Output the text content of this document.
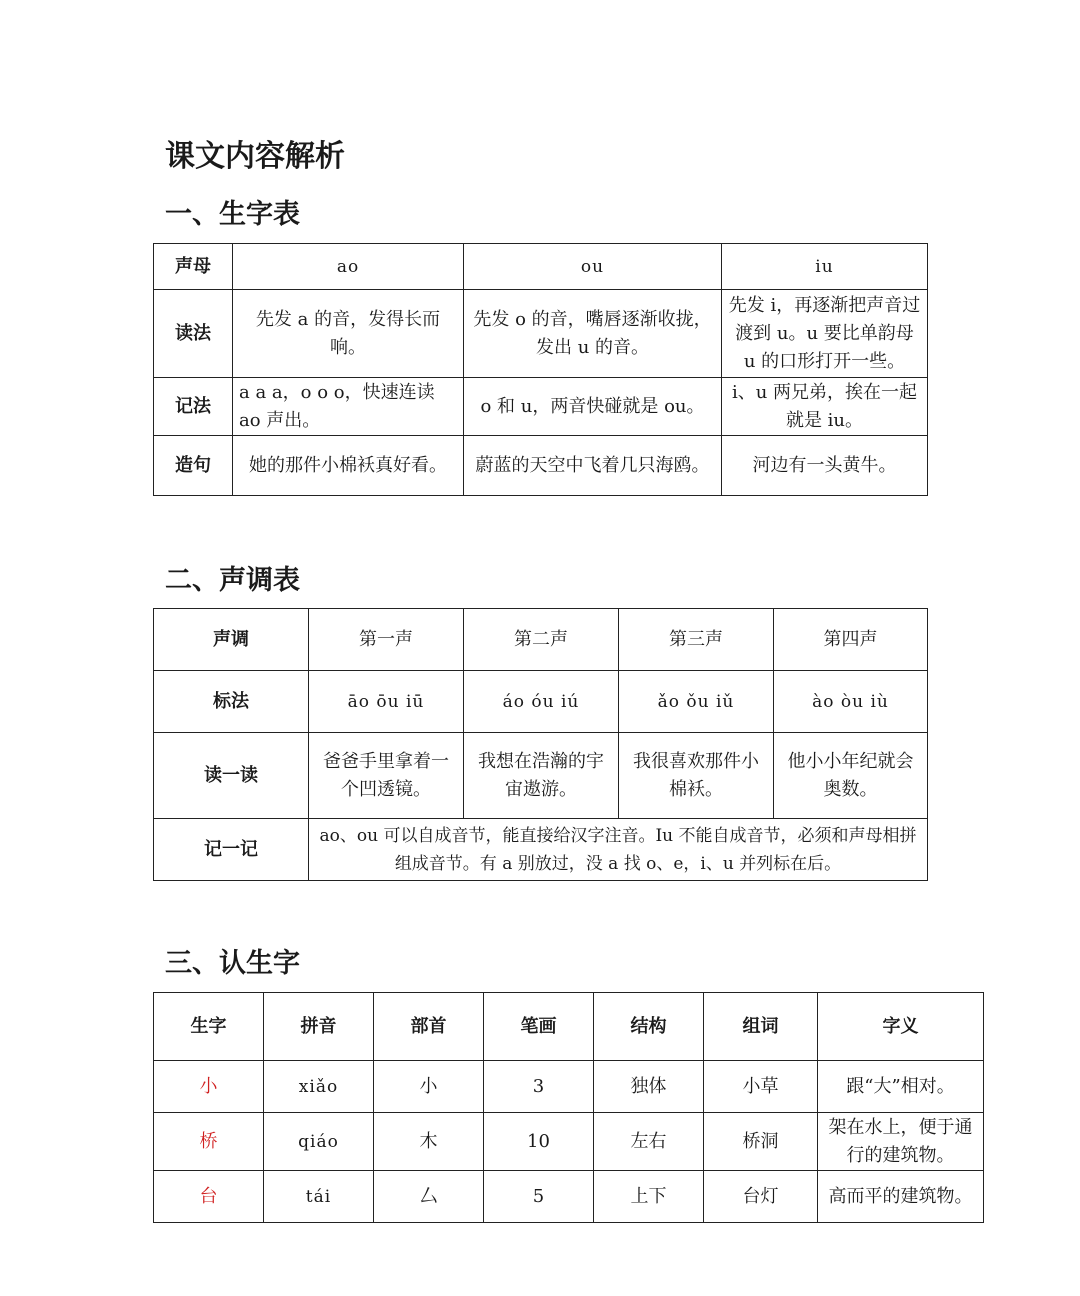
课文内容解析
一、生字表
声母	ao	ou	iu
读法	先发 a 的音，发得长而响。	先发 o 的音，嘴唇逐渐收拢，发出 u 的音。	先发 i，再逐渐把声音过渡到 u。u 要比单韵母 u 的口形打开一些。
记法	a a a，o o o，快速连读 ao 声出。	o 和 u，两音快碰就是 ou。	i、u 两兄弟，挨在一起就是 iu。
造句	她的那件小棉袄真好看。	蔚蓝的天空中飞着几只海鸥。	河边有一头黄牛。
二、声调表
声调	第一声	第二声	第三声	第四声
标法	āo ōu iū	áo óu iú	ǎo ǒu iǔ	ào òu iù
读一读	爸爸手里拿着一个凹透镜。	我想在浩瀚的宇宙遨游。	我很喜欢那件小棉袄。	他小小年纪就会奥数。
记一记	ao、ou 可以自成音节，能直接给汉字注音。Iu 不能自成音节，必须和声母相拼组成音节。有 a 别放过，没 a 找 o、e，i、u 并列标在后。			
三、认生字
生字	拼音	部首	笔画	结构	组词	字义
小	xiǎo	小	3	独体	小草	跟“大”相对。
桥	qiáo	木	10	左右	桥洞	架在水上，便于通行的建筑物。
台	tái	厶	5	上下	台灯	高而平的建筑物。
